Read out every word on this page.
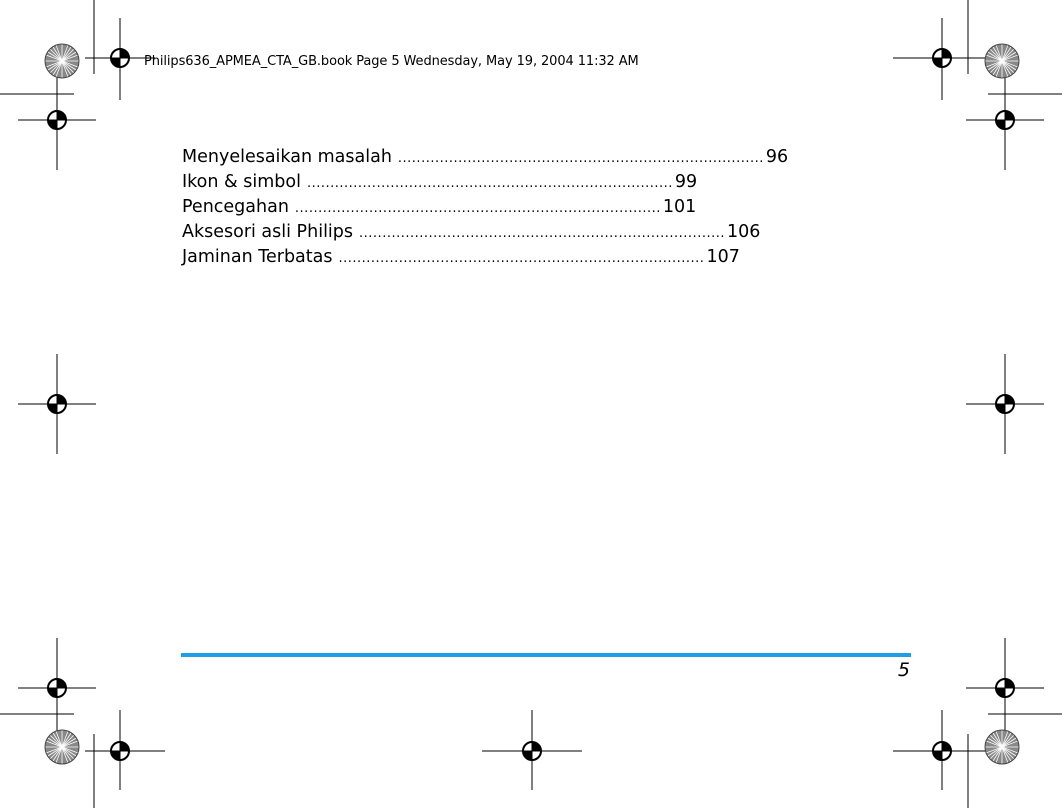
Philips636_APMEA_CTA_GB.book Page 5 Wednesday, May 19, 2004 11:32 AM
Menyelesaikan masalah ............................................................................... 96
Ikon & simbol ............................................................................... 99
Pencegahan ............................................................................... 101
Aksesori asli Philips ............................................................................... 106
Jaminan Terbatas ............................................................................... 107
5
